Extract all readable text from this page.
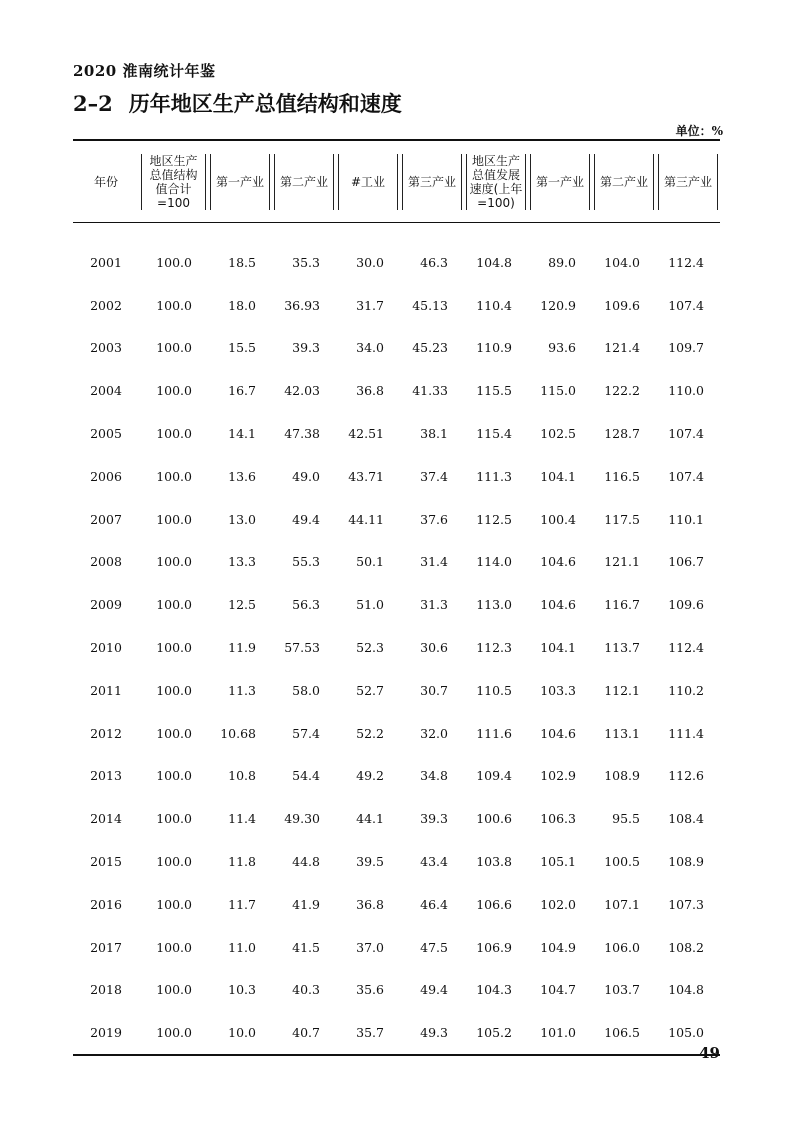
2020 淮南统计年鉴
2–2 历年地区生产总值结构和速度
单位：%
年份	地区生产总值结构值合计=100	第一产业	第二产业	#工业	第三产业	地区生产总值发展速度(上年=100)	第一产业	第二产业	第三产业

2001	100.0	18.5	35.3	30.0	46.3	104.8	89.0	104.0	112.4
2002	100.0	18.0	36.93	31.7	45.13	110.4	120.9	109.6	107.4
2003	100.0	15.5	39.3	34.0	45.23	110.9	93.6	121.4	109.7
2004	100.0	16.7	42.03	36.8	41.33	115.5	115.0	122.2	110.0
2005	100.0	14.1	47.38	42.51	38.1	115.4	102.5	128.7	107.4
2006	100.0	13.6	49.0	43.71	37.4	111.3	104.1	116.5	107.4
2007	100.0	13.0	49.4	44.11	37.6	112.5	100.4	117.5	110.1
2008	100.0	13.3	55.3	50.1	31.4	114.0	104.6	121.1	106.7
2009	100.0	12.5	56.3	51.0	31.3	113.0	104.6	116.7	109.6
2010	100.0	11.9	57.53	52.3	30.6	112.3	104.1	113.7	112.4
2011	100.0	11.3	58.0	52.7	30.7	110.5	103.3	112.1	110.2
2012	100.0	10.68	57.4	52.2	32.0	111.6	104.6	113.1	111.4
2013	100.0	10.8	54.4	49.2	34.8	109.4	102.9	108.9	112.6
2014	100.0	11.4	49.30	44.1	39.3	100.6	106.3	95.5	108.4
2015	100.0	11.8	44.8	39.5	43.4	103.8	105.1	100.5	108.9
2016	100.0	11.7	41.9	36.8	46.4	106.6	102.0	107.1	107.3
2017	100.0	11.0	41.5	37.0	47.5	106.9	104.9	106.0	108.2
2018	100.0	10.3	40.3	35.6	49.4	104.3	104.7	103.7	104.8
2019	100.0	10.0	40.7	35.7	49.3	105.2	101.0	106.5	105.0
49
